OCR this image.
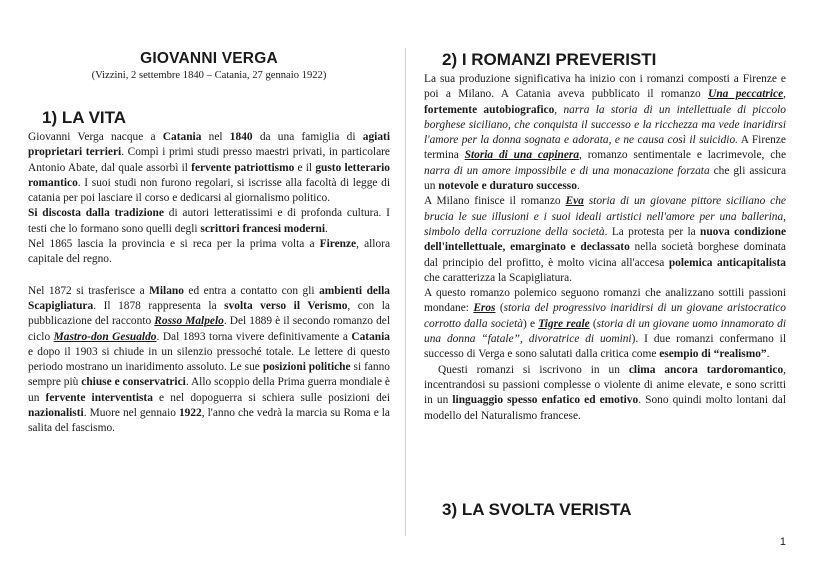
GIOVANNI VERGA
(Vizzini, 2 settembre 1840 – Catania, 27 gennaio 1922)
1) LA VITA

Giovanni Verga nacque a Catania nel 1840 da una famiglia di agiati proprietari terrieri. Compì i primi studi presso maestri privati, in particolare Antonio Abate, dal quale assorbì il fervente patriottismo e il gusto letterario romantico. I suoi studi non furono regolari, si iscrisse alla facoltà di legge di catania per poi lasciare il corso e dedicarsi al giornalismo politico.

Si discosta dalla tradizione di autori letteratissimi e di profonda cultura. I testi che lo formano sono quelli degli scrittori francesi moderni.

Nel 1865 lascia la provincia e si reca per la prima volta a Firenze, allora capitale del regno.

Nel 1872 si trasferisce a Milano ed entra a contatto con gli ambienti della Scapigliatura. Il 1878 rappresenta la svolta verso il Verismo, con la pubblicazione del racconto Rosso Malpelo. Del 1889 è il secondo romanzo del ciclo Mastro-don Gesualdo. Dal 1893 torna vivere definitivamente a Catania e dopo il 1903 si chiude in un silenzio pressoché totale. Le lettere di questo periodo mostrano un inaridimento assoluto. Le sue posizioni politiche si fanno sempre più chiuse e conservatrici. Allo scoppio della Prima guerra mondiale è un fervente interventista e nel dopoguerra si schiera sulle posizioni dei nazionalisti. Muore nel gennaio 1922, l'anno che vedrà la marcia su Roma e la salita del fascismo.

2) I ROMANZI PREVERISTI

La sua produzione significativa ha inizio con i romanzi composti a Firenze e poi a Milano. A Catania aveva pubblicato il romanzo Una peccatrice, fortemente autobiografico, narra la storia di un intellettuale di piccolo borghese siciliano, che conquista il successo e la ricchezza ma vede inaridirsi l'amore per la donna sognata e adorata, e ne causa così il suicidio. A Firenze termina Storia di una capinera, romanzo sentimentale e lacrimevole, che narra di un amore impossibile e di una monacazione forzata che gli assicura un notevole e duraturo successo.

A Milano finisce il romanzo Eva storia di un giovane pittore siciliano che brucia le sue illusioni e i suoi ideali artistici nell'amore per una ballerina, simbolo della corruzione della società. La protesta per la nuova condizione dell'intellettuale, emarginato e declassato nella società borghese dominata dal principio del profitto, è molto vicina all'accesa polemica anticapitalista che caratterizza la Scapigliatura.

A questo romanzo polemico seguono romanzi che analizzano sottili passioni mondane: Eros (storia del progressivo inaridirsi di un giovane aristocratico corrotto dalla società) e Tigre reale (storia di un giovane uomo innamorato di una donna “fatale”, divoratrice di uomini). I due romanzi confermano il successo di Verga e sono salutati dalla critica come esempio di “realismo”.

Questi romanzi si iscrivono in un clima ancora tardoromantico, incentrandosi su passioni complesse o violente di anime elevate, e sono scritti in un linguaggio spesso enfatico ed emotivo. Sono quindi molto lontani dal modello del Naturalismo francese.

3) LA SVOLTA VERISTA
1
